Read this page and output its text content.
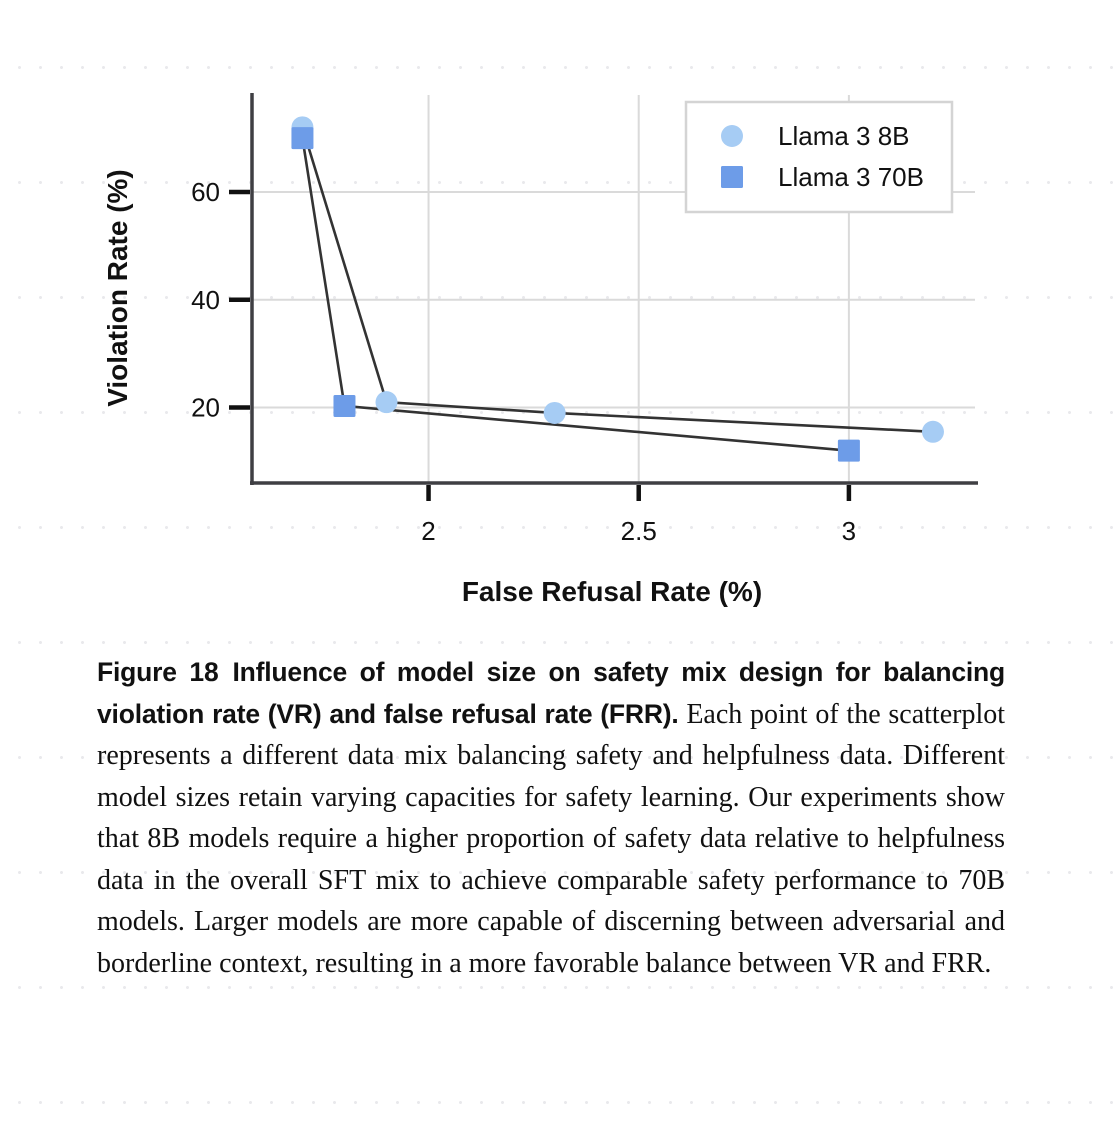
20
40
60
2	2.5	3
False Refusal Rate (%)
Violation Rate (%)
Llama 3 8B
Llama 3 70B

Figure 18 Influence of model size on safety mix design for balancing violation rate (VR) and false refusal rate (FRR). Each point of the scatterplot represents a different data mix balancing safety and helpfulness data. Different model sizes retain varying capacities for safety learning. Our experiments show that 8B models require a higher proportion of safety data relative to helpfulness data in the overall SFT mix to achieve comparable safety performance to 70B models. Larger models are more capable of discerning between adversarial and borderline context, resulting in a more favorable balance between VR and FRR.
